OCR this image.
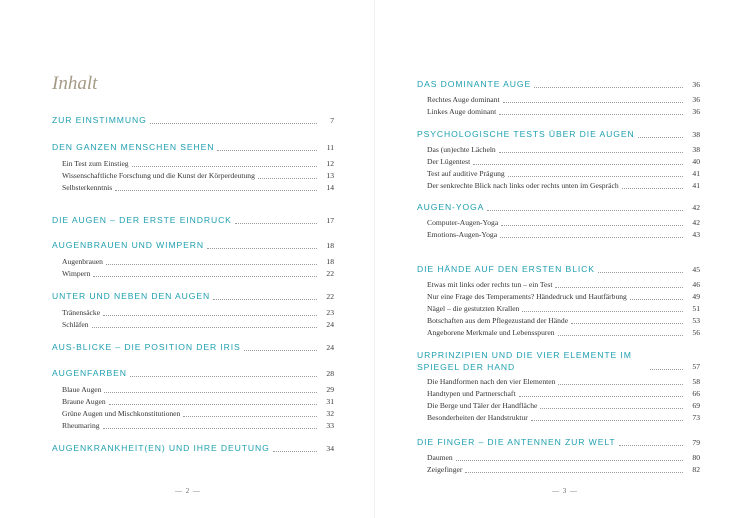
Inhalt
ZUR EINSTIMMUNG	7
DEN GANZEN MENSCHEN SEHEN	11
Ein Test zum Einstieg	12
Wissenschaftliche Forschung und die Kunst der Körperdeutung	13
Selbsterkenntnis	14
DIE AUGEN – DER ERSTE EINDRUCK	17
AUGENBRAUEN UND WIMPERN	18
Augenbrauen	18
Wimpern	22
UNTER UND NEBEN DEN AUGEN	22
Tränensäcke	23
Schläfen	24
AUS-BLICKE – DIE POSITION DER IRIS	24
AUGENFARBEN	28
Blaue Augen	29
Braune Augen	31
Grüne Augen und Mischkonstitutionen	32
Rheumaring	33
AUGENKRANKHEIT(EN) UND IHRE DEUTUNG	34
— 2 —
DAS DOMINANTE AUGE	36
Rechtes Auge dominant	36
Linkes Auge dominant	36
PSYCHOLOGISCHE TESTS ÜBER DIE AUGEN	38
Das (un)echte Lächeln	38
Der Lügentest	40
Test auf auditive Prägung	41
Der senkrechte Blick nach links oder rechts unten im Gespräch	41
AUGEN-YOGA	42
Computer-Augen-Yoga	42
Emotions-Augen-Yoga	43
DIE HÄNDE AUF DEN ERSTEN BLICK	45
Etwas mit links oder rechts tun – ein Test	46
Nur eine Frage des Temperaments? Händedruck und Hautfärbung	49
Nägel – die gestutzten Krallen	51
Botschaften aus dem Pflegezustand der Hände	53
Angeborene Merkmale und Lebensspuren	56
URPRINZIPIEN UND DIE VIER ELEMENTE IM SPIEGEL DER HAND	57
Die Handformen nach den vier Elementen	58
Handtypen und Partnerschaft	66
Die Berge und Täler der Handfläche	69
Besonderheiten der Handstruktur	73
DIE FINGER – DIE ANTENNEN ZUR WELT	79
Daumen	80
Zeigefinger	82
— 3 —
